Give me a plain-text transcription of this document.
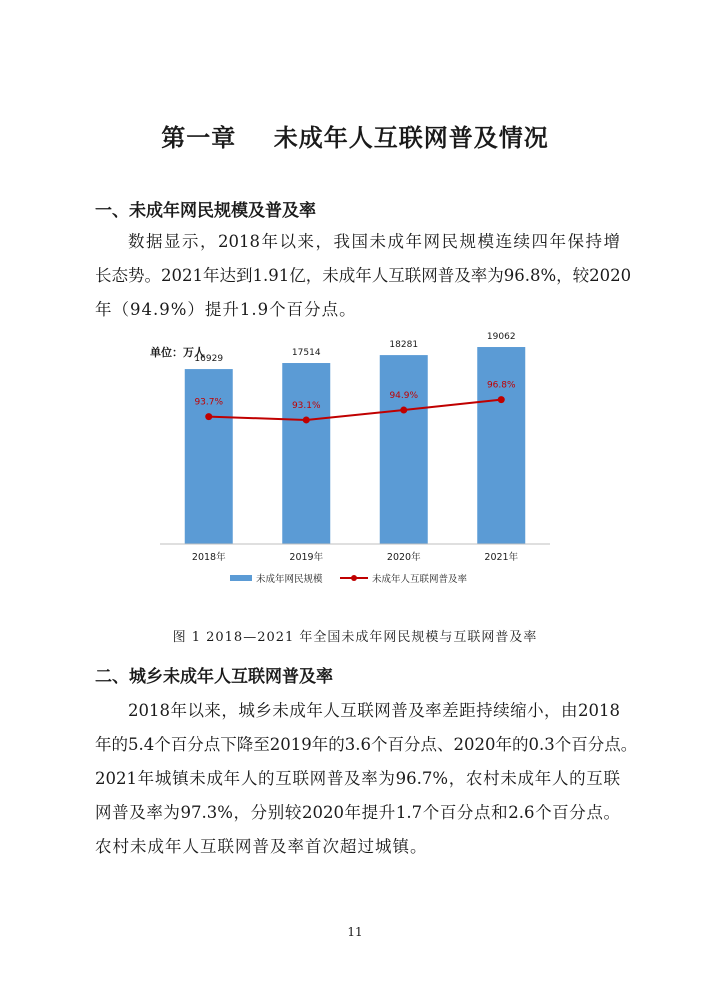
第一章    未成年人互联网普及情况
一、未成年网民规模及普及率
数据显示，2018年以来，我国未成年网民规模连续四年保持增
长态势。2021年达到1.91亿，未成年人互联网普及率为96.8%，较2020
年（94.9%）提升1.9个百分点。
单位：万人
16929
17514
18281
19062
93.7%	93.1%
94.9%
96.8%
2018年	2019年	2020年	2021年
未成年网民规模	未成年人互联网普及率
图 1 2018—2021 年全国未成年网民规模与互联网普及率
二、城乡未成年人互联网普及率
2018年以来，城乡未成年人互联网普及率差距持续缩小，由2018
年的5.4个百分点下降至2019年的3.6个百分点、2020年的0.3个百分点。
2021年城镇未成年人的互联网普及率为96.7%，农村未成年人的互联
网普及率为97.3%，分别较2020年提升1.7个百分点和2.6个百分点。
农村未成年人互联网普及率首次超过城镇。
11
